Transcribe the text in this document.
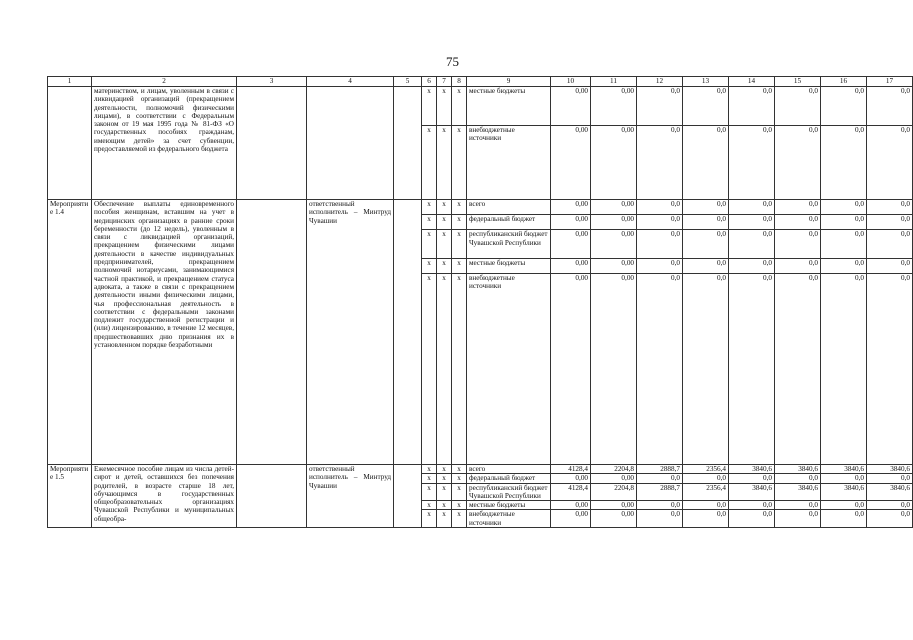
75
1	2	3	4	5	6	7	8	9	10	11	12	13	14	15	16	17
	материнством, и лицам, уволенным в связи с ликвидацией организаций (прекращением деятельности, полномочий физическими лицами), в соответствии с Федеральным законом от 19 мая 1995 года № 81-ФЗ «О государственных пособиях гражданам, имеющим детей» за счет субвенции, предоставляемой из федерального бюджета				x	x	x	местные бюджеты	0,00	0,00	0,0	0,0	0,0	0,0	0,0	0,0
					x	x	x	внебюджетные источники	0,00	0,00	0,0	0,0	0,0	0,0	0,0	0,0
Мероприятие 1.4	Обеспечение выплаты единовременного пособия женщинам, вставшим на учет в медицинских организациях в ранние сроки беременности (до 12 недель), уволенным в связи с ликвидацией организаций, прекращением физическими лицами деятельности в качестве индивидуальных предпринимателей, прекращением полномочий нотариусами, занимающимися частной практикой, и прекращением статуса адвоката, а также в связи с прекращением деятельности иными физическими лицами, чья профессиональная деятельность в соответствии с федеральными законами подлежит государственной регистрации и (или) лицензированию, в течение 12 месяцев, предшествовавших дню признания их в установленном порядке безработными		ответственный исполнитель – Минтруд Чувашии		x	x	x	всего	0,00	0,00	0,0	0,0	0,0	0,0	0,0	0,0
					x	x	x	федеральный бюджет	0,00	0,00	0,0	0,0	0,0	0,0	0,0	0,0
					x	x	x	республиканский бюджет Чувашской Республики	0,00	0,00	0,0	0,0	0,0	0,0	0,0	0,0
					x	x	x	местные бюджеты	0,00	0,00	0,0	0,0	0,0	0,0	0,0	0,0
					x	x	x	внебюджетные источники	0,00	0,00	0,0	0,0	0,0	0,0	0,0	0,0
Мероприятие 1.5	Ежемесячное пособие лицам из числа детей-сирот и детей, оставшихся без попечения родителей, в возрасте старше 18 лет, обучающимся в государственных общеобразовательных организациях Чувашской Республики и муниципальных общеобра-		ответственный исполнитель – Минтруд Чувашии		x	x	x	всего	4128,4	2204,8	2888,7	2356,4	3840,6	3840,6	3840,6	3840,6
					x	x	x	федеральный бюджет	0,00	0,00	0,0	0,0	0,0	0,0	0,0	0,0
					x	x	x	республиканский бюджет Чувашской Республики	4128,4	2204,8	2888,7	2356,4	3840,6	3840,6	3840,6	3840,6
					x	x	x	местные бюджеты	0,00	0,00	0,0	0,0	0,0	0,0	0,0	0,0
					x	x	x	внебюджетные источники	0,00	0,00	0,0	0,0	0,0	0,0	0,0	0,0
